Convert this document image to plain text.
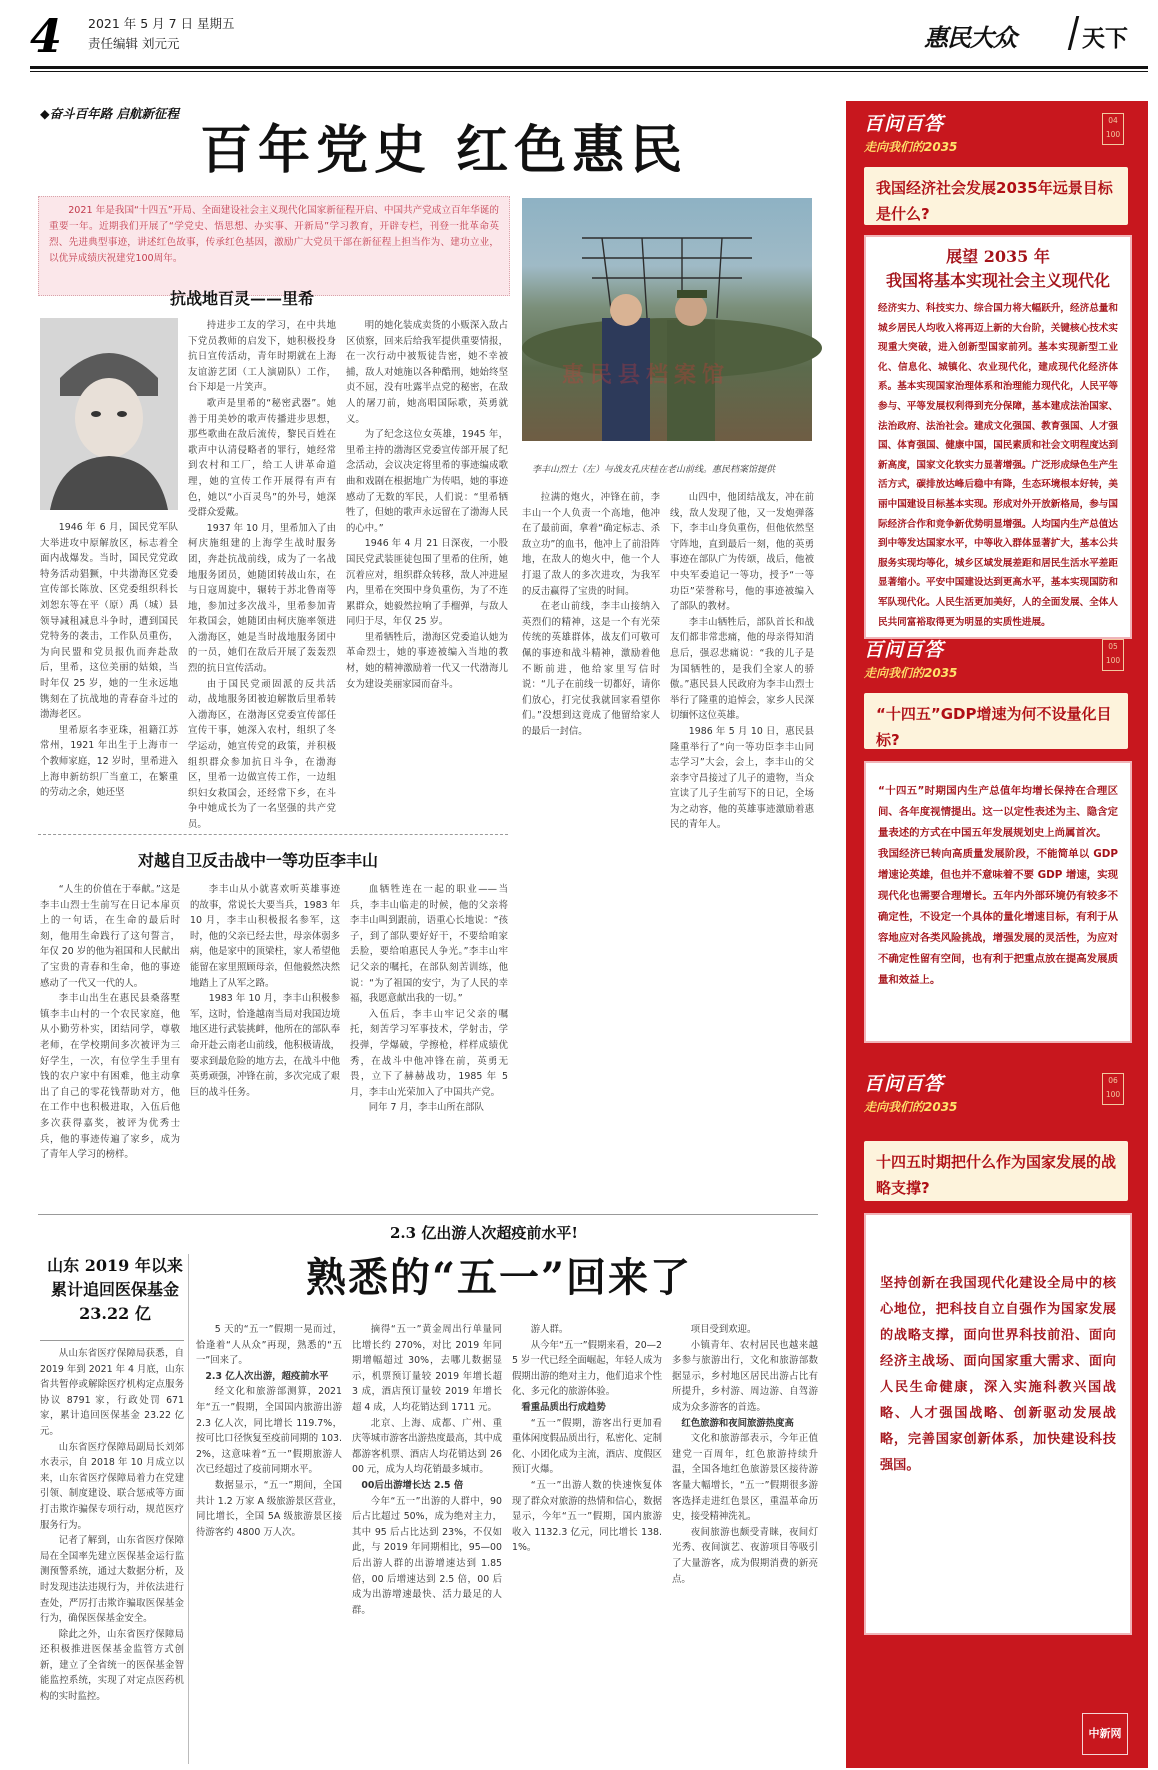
4 2021 年 5 月 7 日 星期五
责任编辑 刘元元	惠民大众	天下
◆奋斗百年路 启航新征程
百年党史 红色惠民
2021 年是我国“十四五”开局、全面建设社会主义现代化国家新征程开启、中国共产党成立百年华诞的重要一年。近期我们开展了“学党史、悟思想、办实事、开新局”学习教育，开辟专栏，刊登一批革命英烈、先进典型事迹，讲述红色故事，传承红色基因，激励广大党员干部在新征程上担当作为、建功立业，以优异成绩庆祝建党100周年。
惠民县档案馆
李丰山烈士（左）与战友孔庆桂在老山前线。惠民档案馆提供
抗战地百灵——里希

1946 年 6 月，国民党军队大举进攻中原解放区，标志着全面内战爆发。当时，国民党党政特务活动猖獗，中共渤海区党委宣传部长陈放、区党委组织科长刘恕东等在平（原）禹（城）县领导减租减息斗争时，遭到国民党特务的袭击，工作队员重伤，为向民盟和党员报仇而奔赴敌后，里希，这位美丽的姑娘，当时年仅 25 岁，她的一生永远地镌刻在了抗战地的青春奋斗过的渤海老区。

里希原名李亚珠，祖籍江苏常州，1921 年出生于上海市一个教师家庭，12 岁时，里希进入上海申新纺织厂当童工，在繁重的劳动之余，她还坚

持进步工友的学习，在中共地下党员教师的启发下，她积极投身抗日宣传活动，青年时期就在上海友谊游艺团（工人演剧队）工作，台下却是一片笑声。

歌声是里希的“秘密武器”。她善于用美妙的歌声传播进步思想，那些歌曲在敌后流传，黎民百姓在歌声中认清侵略者的罪行，她经常到农村和工厂，给工人讲革命道理，她的宣传工作开展得有声有色，她以“小百灵鸟”的外号，她深受群众爱戴。

1937 年 10 月，里希加入了由柯庆施组建的上海学生战时服务团，奔赴抗战前线，成为了一名战地服务团员，她随团转战山东，在与日寇周旋中，辗转于苏北鲁南等地，参加过多次战斗，里希参加青年救国会，她随团由柯庆施率领进入渤海区，她是当时战地服务团中的一员，她们在敌后开展了轰轰烈烈的抗日宣传活动。

由于国民党顽固派的反共活动，战地服务团被迫解散后里希转入渤海区，在渤海区党委宣传部任宣传干事，她深入农村，组织了冬学运动，她宣传党的政策，并积极组织群众参加抗日斗争，在渤海区，里希一边做宣传工作，一边组织妇女救国会，还经常下乡，在斗争中她成长为了一名坚强的共产党员。

明的她化装成卖货的小贩深入敌占区侦察，回来后给我军提供重要情报，在一次行动中被叛徒告密，她不幸被捕，敌人对她施以各种酷刑，她始终坚贞不屈，没有吐露半点党的秘密，在敌人的屠刀前，她高唱国际歌，英勇就义。

为了纪念这位女英雄，1945 年，里希主持的渤海区党委宣传部开展了纪念活动，会议决定将里希的事迹编成歌曲和戏剧在根据地广为传唱，她的事迹感动了无数的军民，人们说：“里希牺牲了，但她的歌声永远留在了渤海人民的心中。”

1946 年 4 月 21 日深夜，一小股国民党武装匪徒包围了里希的住所，她沉着应对，组织群众转移，敌人冲进屋内，里希在突围中身负重伤，为了不连累群众，她毅然拉响了手榴弹，与敌人同归于尽，年仅 25 岁。

里希牺牲后，渤海区党委追认她为革命烈士，她的事迹被编入当地的教材，她的精神激励着一代又一代渤海儿女为建设美丽家园而奋斗。

拉满的炮火，冲锋在前，李丰山一个人负责一个高地，他冲在了最前面，拿着“确定标志、杀敌立功”的血书，他冲上了前沿阵地，在敌人的炮火中，他一个人打退了敌人的多次进攻，为我军的反击赢得了宝贵的时间。

在老山前线，李丰山接纳入英烈们的精神，这是一个有光荣传统的英雄群体，战友们可敬可佩的事迹和战斗精神，激励着他不断前进，他给家里写信时说：“儿子在前线一切都好，请你们放心，打完仗我就回家看望你们。”没想到这竟成了他留给家人的最后一封信。

山四中，他团结战友，冲在前线，敌人发现了他，又一发炮弹落下，李丰山身负重伤，但他依然坚守阵地，直到最后一刻，他的英勇事迹在部队广为传颂，战后，他被中央军委追记一等功，授予“一等功臣”荣誉称号，他的事迹被编入了部队的教材。

李丰山牺牲后，部队首长和战友们都非常悲痛，他的母亲得知消息后，强忍悲痛说：“我的儿子是为国牺牲的，是我们全家人的骄傲。”惠民县人民政府为李丰山烈士举行了隆重的追悼会，家乡人民深切缅怀这位英雄。

1986 年 5 月 10 日，惠民县隆重举行了“向一等功臣李丰山同志学习”大会，会上，李丰山的父亲李守昌接过了儿子的遗物，当众宣读了儿子生前写下的日记，全场为之动容，他的英雄事迹激励着惠民的青年人。

对越自卫反击战中一等功臣李丰山

“人生的价值在于奉献。”这是李丰山烈士生前写在日记本扉页上的一句话，在生命的最后时刻，他用生命践行了这句誓言，年仅 20 岁的他为祖国和人民献出了宝贵的青春和生命，他的事迹感动了一代又一代的人。

李丰山出生在惠民县桑落墅镇李丰山村的一个农民家庭，他从小勤劳朴实，团结同学，尊敬老师，在学校期间多次被评为三好学生，一次，有位学生手里有钱的农户家中有困难，他主动拿出了自己的零花钱帮助对方，他在工作中也积极进取，入伍后他多次获得嘉奖，被评为优秀士兵，他的事迹传遍了家乡，成为了青年人学习的榜样。

李丰山从小就喜欢听英雄事迹的故事，常说长大要当兵，1983 年 10 月，李丰山积极报名参军，这时，他的父亲已经去世，母亲体弱多病，他是家中的顶梁柱，家人希望他能留在家里照顾母亲，但他毅然决然地踏上了从军之路。

1983 年 10 月，李丰山积极参军，这时，恰逢越南当局对我国边境地区进行武装挑衅，他所在的部队奉命开赴云南老山前线，他积极请战，要求到最危险的地方去，在战斗中他英勇顽强，冲锋在前，多次完成了艰巨的战斗任务。

血牺牲连在一起的职业——当兵，李丰山临走的时候，他的父亲将李丰山叫到跟前，语重心长地说：“孩子，到了部队要好好干，不要给咱家丢脸，要给咱惠民人争光。”李丰山牢记父亲的嘱托，在部队刻苦训练，他说：“为了祖国的安宁，为了人民的幸福，我愿意献出我的一切。”

入伍后，李丰山牢记父亲的嘱托，刻苦学习军事技术，学射击，学投弹，学爆破，学擦枪，样样成绩优秀，在战斗中他冲锋在前，英勇无畏，立下了赫赫战功，1985 年 5 月，李丰山光荣加入了中国共产党。

同年 7 月，李丰山所在部队

2.3 亿出游人次超疫前水平!
熟悉的“五一”回来了

5 天的“五一”假期一晃而过，恰逢着“人从众”再现，熟悉的“五一”回来了。

2.3 亿人次出游，超疫前水平

经文化和旅游部测算，2021 年“五一”假期，全国国内旅游出游 2.3 亿人次，同比增长 119.7%，按可比口径恢复至疫前同期的 103.2%，这意味着“五一”假期旅游人次已经超过了疫前同期水平。

数据显示，“五一”期间，全国共计 1.2 万家 A 级旅游景区营业，同比增长，全国 5A 级旅游景区接待游客约 4800 万人次。

摘得“五一”黄金周出行单量同比增长约 270%，对比 2019 年同期增幅超过 30%，去哪儿数据显示，机票预订量较 2019 年增长超 3 成，酒店预订量较 2019 年增长超 4 成，人均花销达到 1711 元。

北京、上海、成都、广州、重庆等城市游客出游热度最高，其中成都游客机票、酒店人均花销达到 2600 元，成为人均花销最多城市。

00后出游增长达 2.5 倍

今年“五一”出游的人群中，90 后占比超过 50%，成为绝对主力，其中 95 后占比达到 23%，不仅如此，与 2019 年同期相比，95—00 后出游人群的出游增速达到 1.85 倍，00 后增速达到 2.5 倍，00 后成为出游增速最快、活力最足的人群。

游人群。

从今年“五一”假期来看，20—25 岁一代已经全面崛起，年轻人成为假期出游的绝对主力，他们追求个性化、多元化的旅游体验。

看重品质出行成趋势

“五一”假期，游客出行更加看重体闲度假品质出行，私密化、定制化、小团化成为主流，酒店、度假区预订火爆。

“五一”出游人数的快速恢复体现了群众对旅游的热情和信心，数据显示，今年“五一”假期，国内旅游收入 1132.3 亿元，同比增长 138.1%。

项目受到欢迎。

小镇青年、农村居民也越来越多参与旅游出行，文化和旅游部数据显示，乡村地区居民出游占比有所提升，乡村游、周边游、自驾游成为众多游客的首选。

红色旅游和夜间旅游热度高

文化和旅游部表示，今年正值建党一百周年，红色旅游持续升温，全国各地红色旅游景区接待游客量大幅增长，“五一”假期很多游客选择走进红色景区，重温革命历史，接受精神洗礼。

夜间旅游也颇受青睐，夜间灯光秀、夜间演艺、夜游项目等吸引了大量游客，成为假期消费的新亮点。

山东 2019 年以来累计追回医保基金 23.22 亿

从山东省医疗保障局获悉，自 2019 年到 2021 年 4 月底，山东省共暂停或解除医疗机构定点服务协议 8791 家，行政处罚 671 家，累计追回医保基金 23.22 亿元。

山东省医疗保障局副局长刘郊水表示，自 2018 年 10 月成立以来，山东省医疗保障局着力在党建引领、制度建设、联合惩戒等方面打击欺诈骗保专项行动，规范医疗服务行为。

记者了解到，山东省医疗保障局在全国率先建立医保基金运行监测预警系统，通过大数据分析，及时发现违法违规行为，并依法进行查处，严厉打击欺诈骗取医保基金行为，确保医保基金安全。

除此之外，山东省医疗保障局还积极推进医保基金监管方式创新，建立了全省统一的医保基金智能监控系统，实现了对定点医药机构的实时监控。

百问百答
走向我们的2035
04
100
我国经济社会发展2035年远景目标是什么?
展望 2035 年
我国将基本实现社会主义现代化
经济实力、科技实力、综合国力将大幅跃升，经济总量和城乡居民人均收入将再迈上新的大台阶，关键核心技术实现重大突破，进入创新型国家前列。基本实现新型工业化、信息化、城镇化、农业现代化，建成现代化经济体系。基本实现国家治理体系和治理能力现代化，人民平等参与、平等发展权利得到充分保障，基本建成法治国家、法治政府、法治社会。建成文化强国、教育强国、人才强国、体育强国、健康中国，国民素质和社会文明程度达到新高度，国家文化软实力显著增强。广泛形成绿色生产生活方式，碳排放达峰后稳中有降，生态环境根本好转，美丽中国建设目标基本实现。形成对外开放新格局，参与国际经济合作和竞争新优势明显增强。人均国内生产总值达到中等发达国家水平，中等收入群体显著扩大，基本公共服务实现均等化，城乡区域发展差距和居民生活水平差距显著缩小。平安中国建设达到更高水平，基本实现国防和军队现代化。人民生活更加美好，人的全面发展、全体人民共同富裕取得更为明显的实质性进展。
百问百答
走向我们的2035
05
100
“十四五”GDP增速为何不设量化目标?
“十四五”时期国内生产总值年均增长保持在合理区间、各年度视情提出。这一以定性表述为主、隐含定量表述的方式在中国五年发展规划史上尚属首次。
我国经济已转向高质量发展阶段，不能简单以 GDP 增速论英雄，但也并不意味着不要 GDP 增速，实现现代化也需要合理增长。五年内外部环境仍有较多不确定性，不设定一个具体的量化增速目标，有利于从容地应对各类风险挑战，增强发展的灵活性，为应对不确定性留有空间，也有利于把重点放在提高发展质量和效益上。
百问百答
走向我们的2035
06
100
十四五时期把什么作为国家发展的战略支撑?
坚持创新在我国现代化建设全局中的核心地位，把科技自立自强作为国家发展的战略支撑，面向世界科技前沿、面向经济主战场、面向国家重大需求、面向人民生命健康，深入实施科教兴国战略、人才强国战略、创新驱动发展战略，完善国家创新体系，加快建设科技强国。
中新网
